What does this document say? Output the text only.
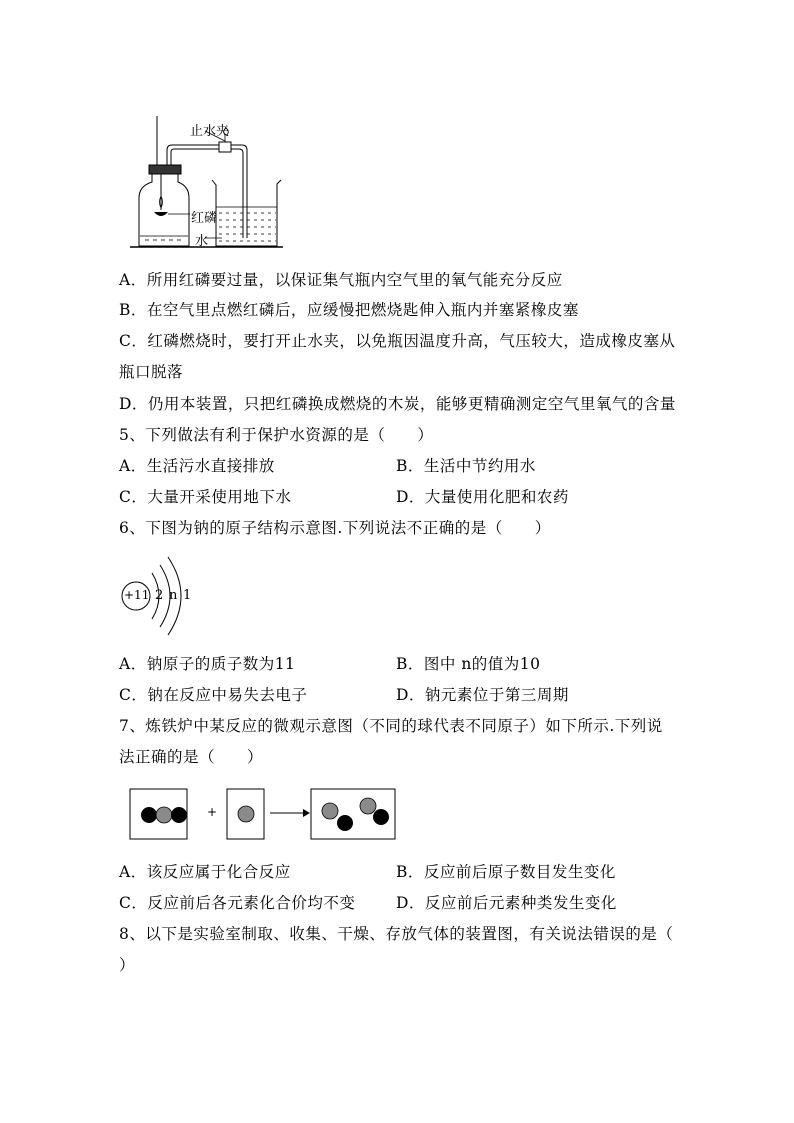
止水夹
红磷
水
A．所用红磷要过量，以保证集气瓶内空气里的氧气能充分反应
B．在空气里点燃红磷后，应缓慢把燃烧匙伸入瓶内并塞紧橡皮塞
C．红磷燃烧时，要打开止水夹，以免瓶因温度升高，气压较大，造成橡皮塞从
瓶口脱落
D．仍用本装置，只把红磷换成燃烧的木炭，能够更精确测定空气里氧气的含量
5、下列做法有利于保护水资源的是（　　）
A．生活污水直接排放	B．生活中节约用水
C．大量开采使用地下水	D．大量使用化肥和农药
6、下图为钠的原子结构示意图.下列说法不正确的是（　　）
+11 2 n 1
A．钠原子的质子数为11	B．图中 n的值为10
C．钠在反应中易失去电子	D．钠元素位于第三周期
7、炼铁炉中某反应的微观示意图（不同的球代表不同原子）如下所示.下列说
法正确的是（　　）
+
A．该反应属于化合反应	B．反应前后原子数目发生变化
C．反应前后各元素化合价均不变	D．反应前后元素种类发生变化
8、以下是实验室制取、收集、干燥、存放气体的装置图，有关说法错误的是（
）
